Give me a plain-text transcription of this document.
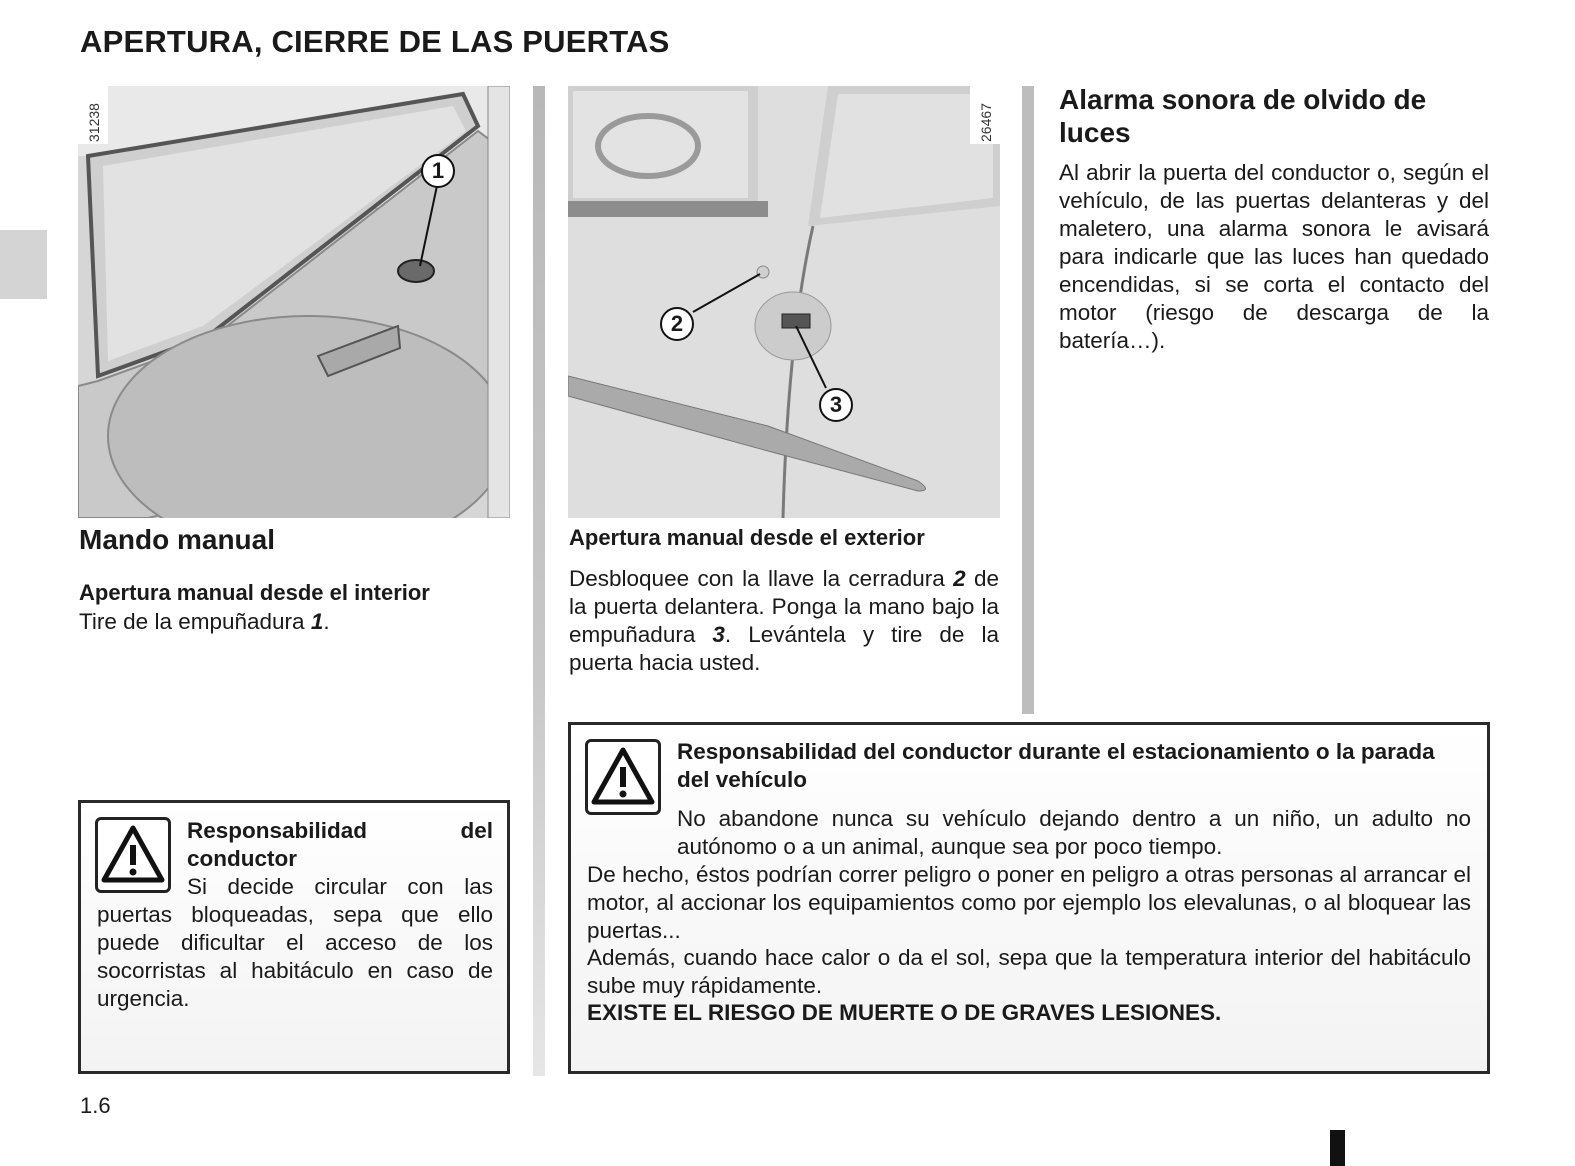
APERTURA, CIERRE DE LAS PUERTAS
1
31238
2
3
26467
Mando manual
Apertura manual desde el interior
Tire de la empuñadura 1.
Apertura manual desde el exterior
Desbloquee con la llave la cerradura 2 de la puerta delantera. Ponga la mano bajo la empuñadura 3. Levántela y tire de la puerta hacia usted.
Alarma sonora de olvido de luces
Al abrir la puerta del conductor o, según el vehículo, de las puertas delanteras y del maletero, una alarma sonora le avisará para indicarle que las luces han quedado encendidas, si se corta el contacto del motor (riesgo de descarga de la batería…).
Responsabilidad del conductor
Si decide circular con las puertas bloqueadas, sepa que ello puede dificultar el acceso de los socorristas al habitáculo en caso de urgencia.
Responsabilidad del conductor durante el estacionamiento o la parada del vehículo
No abandone nunca su vehículo dejando dentro a un niño, un adulto no autónomo o a un animal, aunque sea por poco tiempo.
De hecho, éstos podrían correr peligro o poner en peligro a otras personas al arrancar el motor, al accionar los equipamientos como por ejemplo los elevalunas, o al bloquear las puertas...
Además, cuando hace calor o da el sol, sepa que la temperatura interior del habitáculo sube muy rápidamente.
EXISTE EL RIESGO DE MUERTE O DE GRAVES LESIONES.
1.6
